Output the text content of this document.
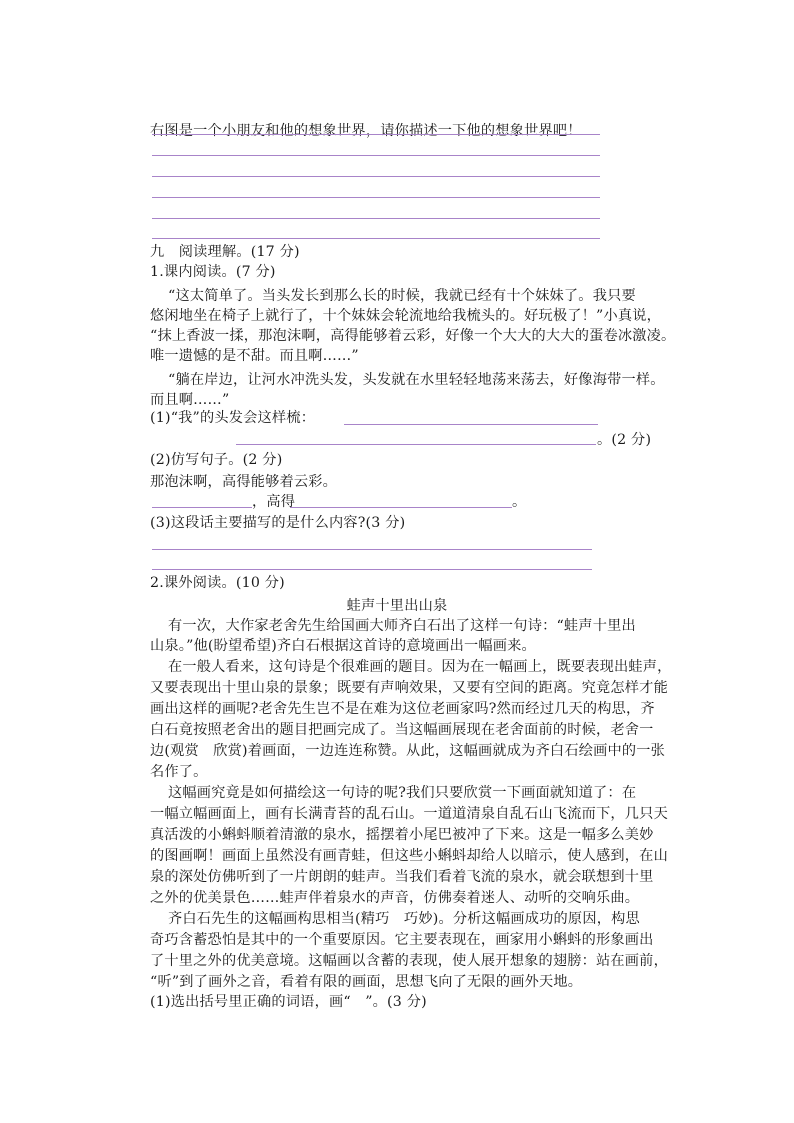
右图是一个小朋友和他的想象世界，请你描述一下他的想象世界吧！
九　阅读理解。(17 分)
1.课内阅读。(7 分)
“这太简单了。当头发长到那么长的时候，我就已经有十个妹妹了。我只要
悠闲地坐在椅子上就行了，十个妹妹会轮流地给我梳头的。好玩极了！”小真说，
“抹上香波一揉，那泡沫啊，高得能够着云彩，好像一个大大的大大的蛋卷冰激凌。
唯一遗憾的是不甜。而且啊……”
“躺在岸边，让河水冲洗头发，头发就在水里轻轻地荡来荡去，好像海带一样。
而且啊……”
(1)“我”的头发会这样梳：
。(2 分)
(2)仿写句子。(2 分)
那泡沫啊，高得能够着云彩。
，高得	。
(3)这段话主要描写的是什么内容?(3 分)
2.课外阅读。(10 分)
蛙声十里出山泉
有一次，大作家老舍先生给国画大师齐白石出了这样一句诗：“蛙声十里出
山泉。”他(盼望希望)齐白石根据这首诗的意境画出一幅画来。
在一般人看来，这句诗是个很难画的题目。因为在一幅画上，既要表现出蛙声，
又要表现出十里山泉的景象；既要有声响效果，又要有空间的距离。究竟怎样才能
画出这样的画呢?老舍先生岂不是在难为这位老画家吗?然而经过几天的构思，齐
白石竟按照老舍出的题目把画完成了。当这幅画展现在老舍面前的时候，老舍一
边(观赏　欣赏)着画面，一边连连称赞。从此，这幅画就成为齐白石绘画中的一张
名作了。
这幅画究竟是如何描绘这一句诗的呢?我们只要欣赏一下画面就知道了：在
一幅立幅画面上，画有长满青苔的乱石山。一道道清泉自乱石山飞流而下，几只天
真活泼的小蝌蚪顺着清澈的泉水，摇摆着小尾巴被冲了下来。这是一幅多么美妙
的图画啊！画面上虽然没有画青蛙，但这些小蝌蚪却给人以暗示，使人感到，在山
泉的深处仿佛听到了一片朗朗的蛙声。当我们看着飞流的泉水，就会联想到十里
之外的优美景色……蛙声伴着泉水的声音，仿佛奏着迷人、动听的交响乐曲。
齐白石先生的这幅画构思相当(精巧　巧妙)。分析这幅画成功的原因，构思
奇巧含蓄恐怕是其中的一个重要原因。它主要表现在，画家用小蝌蚪的形象画出
了十里之外的优美意境。这幅画以含蓄的表现，使人展开想象的翅膀：站在画前，
“听”到了画外之音，看着有限的画面，思想飞向了无限的画外天地。
(1)选出括号里正确的词语，画“　”。(3 分)
